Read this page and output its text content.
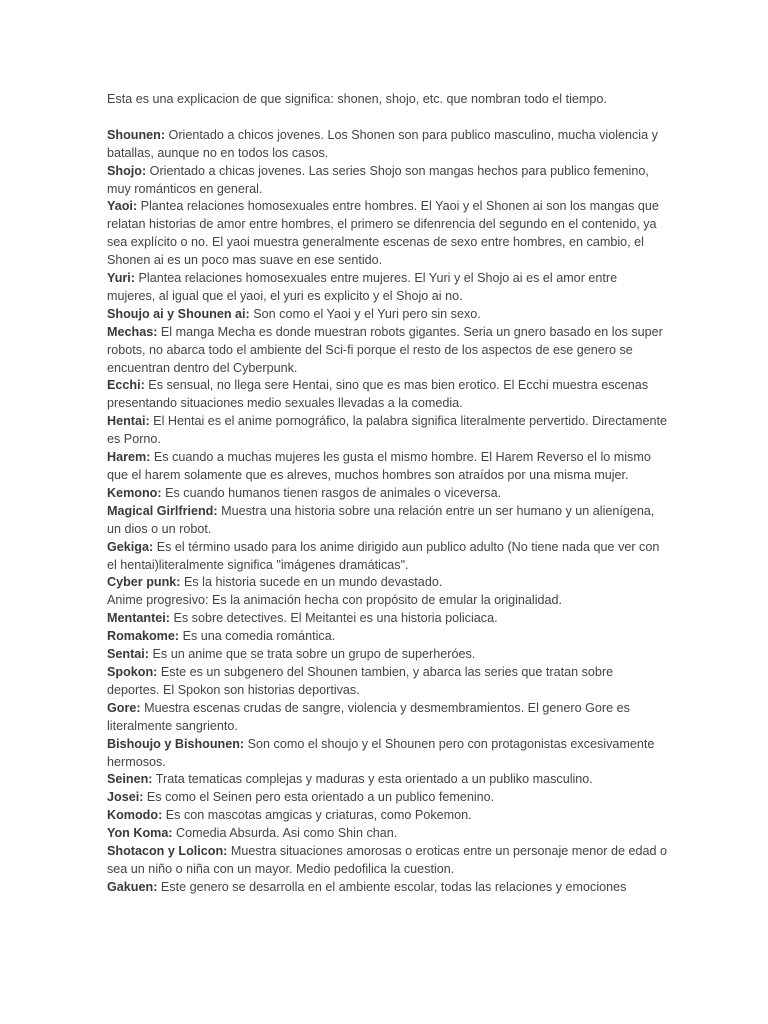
Esta es una explicacion de que significa: shonen, shojo, etc. que nombran todo el tiempo.

Shounen: Orientado a chicos jovenes. Los Shonen son para publico masculino, mucha violencia y batallas, aunque no en todos los casos.

Shojo: Orientado a chicas jovenes. Las series Shojo son mangas hechos para publico femenino, muy románticos en general.

Yaoi: Plantea relaciones homosexuales entre hombres. El Yaoi y el Shonen ai son los mangas que relatan historias de amor entre hombres, el primero se difenrencia del segundo en el contenido, ya sea explícito o no. El yaoi muestra generalmente escenas de sexo entre hombres, en cambio, el Shonen ai es un poco mas suave en ese sentido.

Yuri: Plantea relaciones homosexuales entre mujeres. El Yuri y el Shojo ai es el amor entre mujeres, al igual que el yaoi, el yuri es explicito y el Shojo ai no.

Shoujo ai y Shounen ai: Son como el Yaoi y el Yuri pero sin sexo.

Mechas: El manga Mecha es donde muestran robots gigantes. Seria un gnero basado en los super robots, no abarca todo el ambiente del Sci-fi porque el resto de los aspectos de ese genero se encuentran dentro del Cyberpunk.

Ecchi: Es sensual, no llega sere Hentai, sino que es mas bien erotico. El Ecchi muestra escenas presentando situaciones medio sexuales llevadas a la comedia.

Hentai: El Hentai es el anime pornográfico, la palabra significa literalmente pervertido. Directamente es Porno.

Harem: Es cuando a muchas mujeres les gusta el mismo hombre. El Harem Reverso el lo mismo que el harem solamente que es alreves, muchos hombres son atraídos por una misma mujer.

Kemono: Es cuando humanos tienen rasgos de animales o viceversa.

Magical Girlfriend: Muestra una historia sobre una relación entre un ser humano y un alienígena, un dios o un robot.

Gekiga: Es el término usado para los anime dirigido aun publico adulto (No tiene nada que ver con el hentai)literalmente significa "imágenes dramáticas".

Cyber punk: Es la historia sucede en un mundo devastado.

Anime progresivo: Es la animación hecha con propósito de emular la originalidad.

Mentantei: Es sobre detectives. El Meitantei es una historia policiaca.

Romakome: Es una comedia romántica.

Sentai: Es un anime que se trata sobre un grupo de superheróes.

Spokon: Este es un subgenero del Shounen tambien, y abarca las series que tratan sobre deportes. El Spokon son historias deportivas.

Gore: Muestra escenas crudas de sangre, violencia y desmembramientos. El genero Gore es literalmente sangriento.

Bishoujo y Bishounen: Son como el shoujo y el Shounen pero con protagonistas excesivamente hermosos.

Seinen: Trata tematicas complejas y maduras y esta orientado a un publiko masculino.

Josei: Es como el Seinen pero esta orientado a un publico femenino.

Komodo: Es con mascotas amgicas y criaturas, como Pokemon.

Yon Koma: Comedia Absurda. Asi como Shin chan.

Shotacon y Lolicon: Muestra situaciones amorosas o eroticas entre un personaje menor de edad o sea un niño o niña con un mayor. Medio pedofilica la cuestion.

Gakuen: Este genero se desarrolla en el ambiente escolar, todas las relaciones y emociones
